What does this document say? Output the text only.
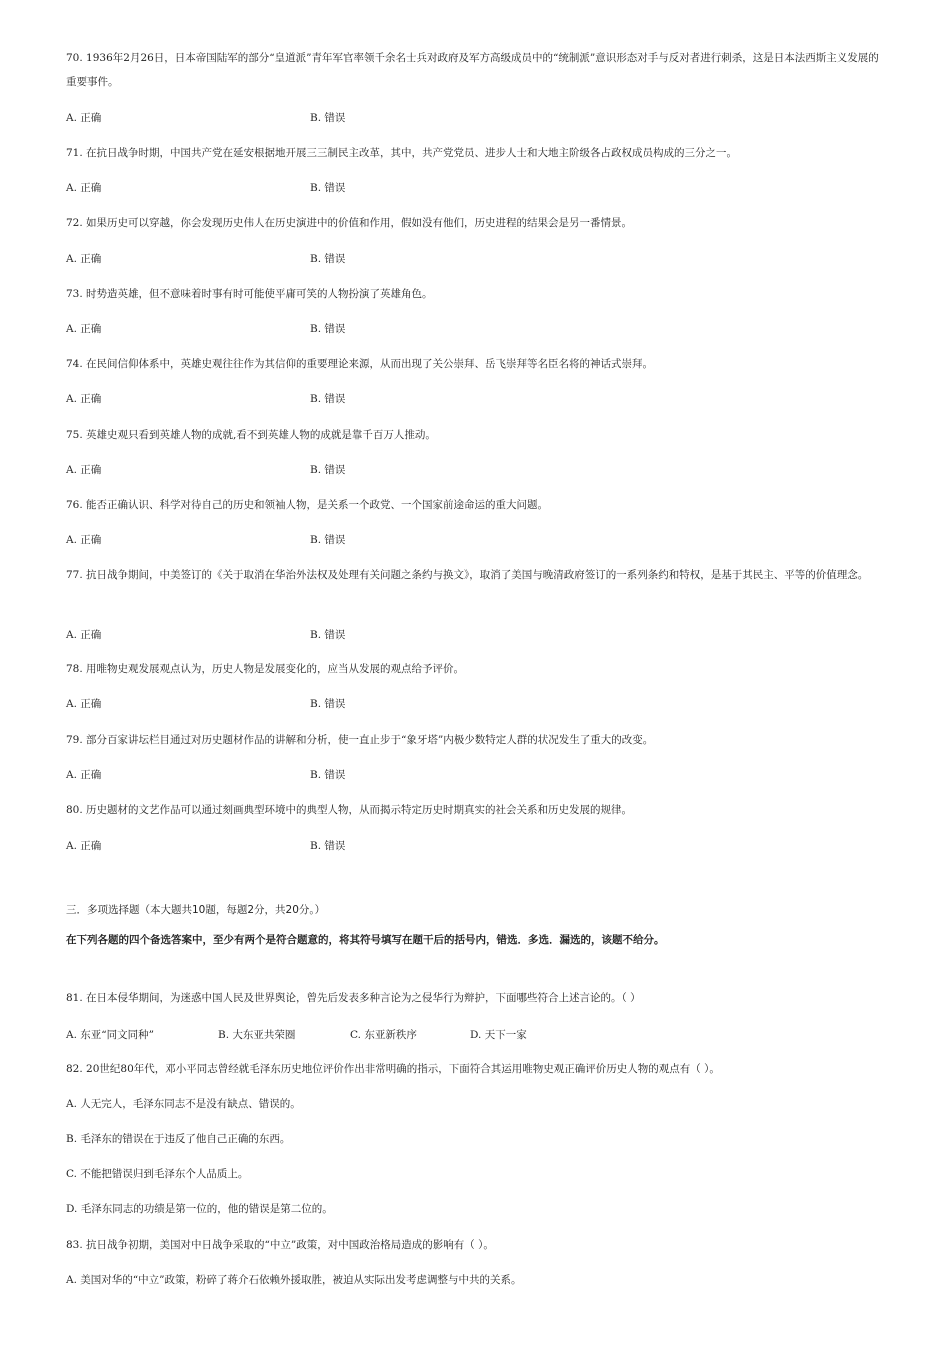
70. 1936年2月26日，日本帝国陆军的部分“皇道派”青年军官率领千余名士兵对政府及军方高级成员中的“统制派”意识形态对手与反对者进行刺杀，这是日本法西斯主义发展的重要事件。
A. 正确	B. 错误
71. 在抗日战争时期，中国共产党在延安根据地开展三三制民主改革，其中，共产党党员、进步人士和大地主阶级各占政权成员构成的三分之一。
A. 正确	B. 错误
72. 如果历史可以穿越，你会发现历史伟人在历史演进中的价值和作用，假如没有他们，历史进程的结果会是另一番情景。
A. 正确	B. 错误
73. 时势造英雄，但不意味着时事有时可能使平庸可笑的人物扮演了英雄角色。
A. 正确	B. 错误
74. 在民间信仰体系中，英雄史观往往作为其信仰的重要理论来源，从而出现了关公崇拜、岳飞崇拜等名臣名将的神话式崇拜。
A. 正确	B. 错误
75. 英雄史观只看到英雄人物的成就,看不到英雄人物的成就是靠千百万人推动。
A. 正确	B. 错误
76. 能否正确认识、科学对待自己的历史和领袖人物，是关系一个政党、一个国家前途命运的重大问题。
A. 正确	B. 错误
77. 抗日战争期间，中美签订的《关于取消在华治外法权及处理有关问题之条约与换文》，取消了美国与晚清政府签订的一系列条约和特权，是基于其民主、平等的价值理念。
A. 正确	B. 错误
78. 用唯物史观发展观点认为，历史人物是发展变化的，应当从发展的观点给予评价。
A. 正确	B. 错误
79. 部分百家讲坛栏目通过对历史题材作品的讲解和分析，使一直止步于“象牙塔”内极少数特定人群的状况发生了重大的改变。
A. 正确	B. 错误
80. 历史题材的文艺作品可以通过刻画典型环境中的典型人物，从而揭示特定历史时期真实的社会关系和历史发展的规律。
A. 正确	B. 错误
三．多项选择题（本大题共10题，每题2分，共20分。）
在下列各题的四个备选答案中，至少有两个是符合题意的，将其符号填写在题干后的括号内，错选．多选．漏选的，该题不给分。
81. 在日本侵华期间，为迷惑中国人民及世界舆论，曾先后发表多种言论为之侵华行为辩护，下面哪些符合上述言论的。（ ）
A. 东亚“同文同种”	B. 大东亚共荣圈	C. 东亚新秩序	D. 天下一家
82. 20世纪80年代，邓小平同志曾经就毛泽东历史地位评价作出非常明确的指示，下面符合其运用唯物史观正确评价历史人物的观点有（ ）。
A. 人无完人，毛泽东同志不是没有缺点、错误的。
B. 毛泽东的错误在于违反了他自己正确的东西。
C. 不能把错误归到毛泽东个人品质上。
D. 毛泽东同志的功绩是第一位的，他的错误是第二位的。
83. 抗日战争初期，美国对中日战争采取的“中立”政策，对中国政治格局造成的影响有（ ）。
A. 美国对华的“中立”政策，粉碎了蒋介石依赖外援取胜，被迫从实际出发考虑调整与中共的关系。
